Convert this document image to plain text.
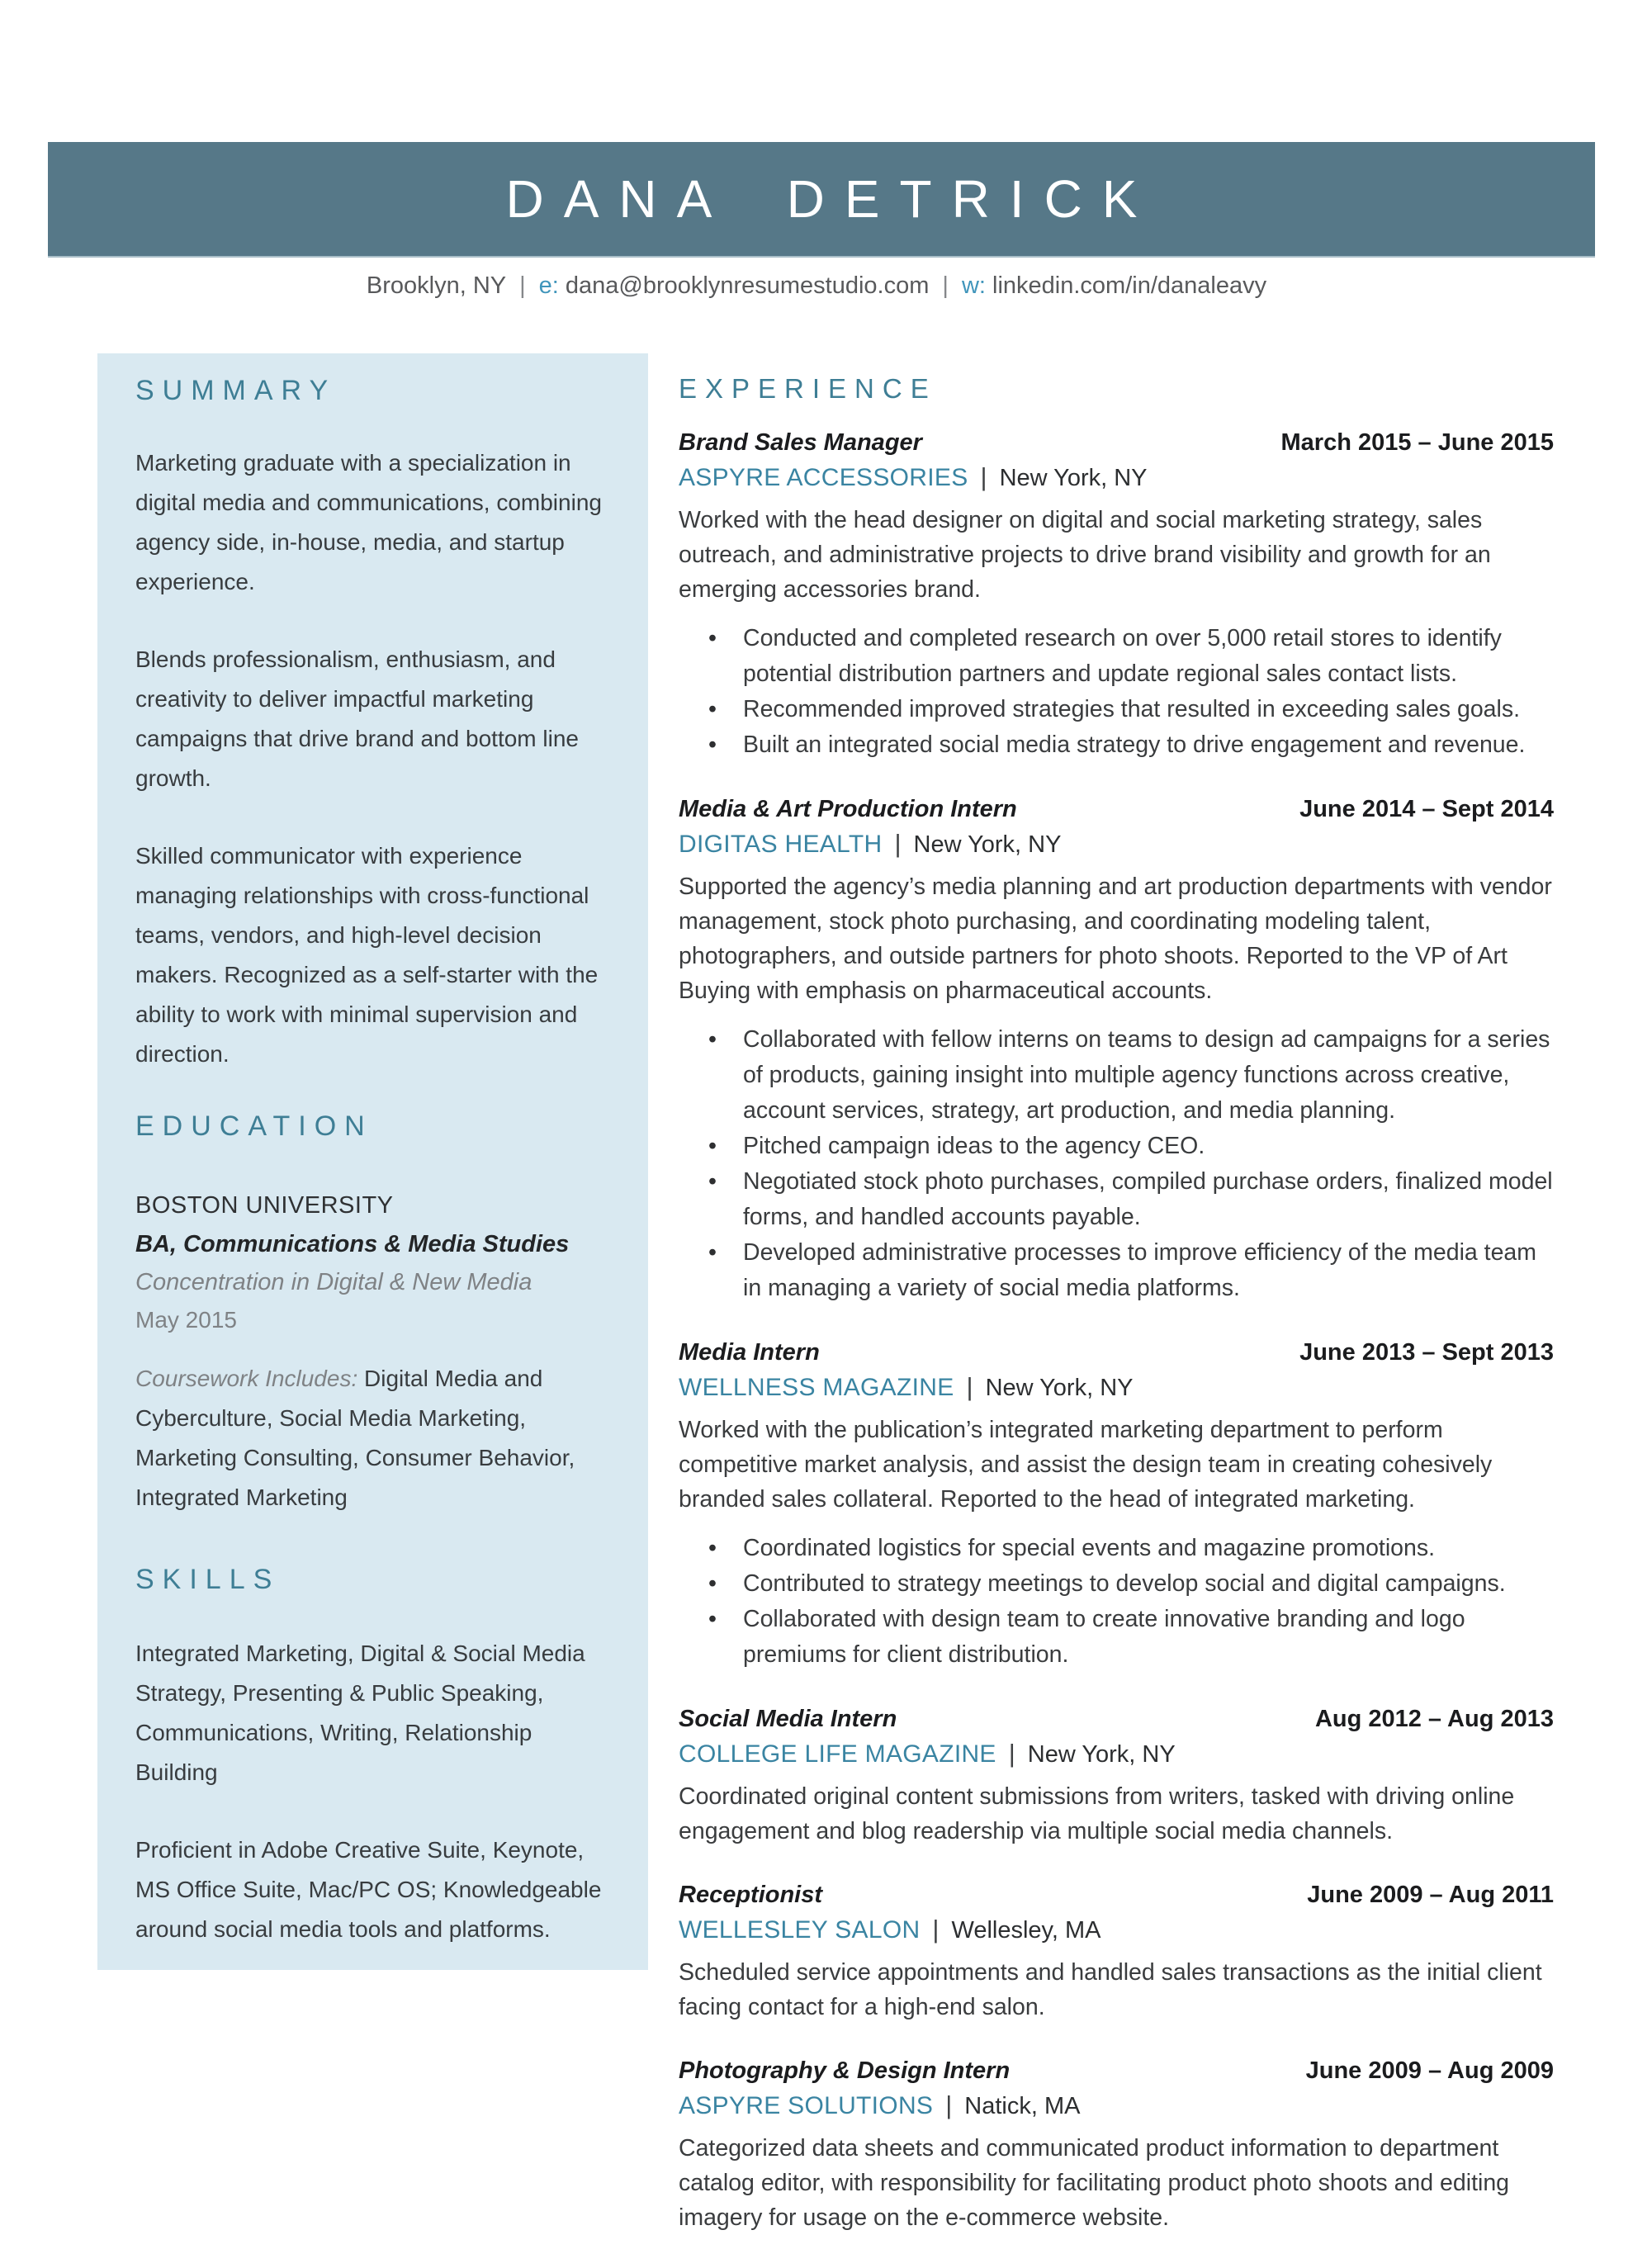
DANA DETRICK
Brooklyn, NY | e: dana@brooklynresumestudio.com | w: linkedin.com/in/danaleavy
SUMMARY

Marketing graduate with a specialization in digital media and communications, combining agency side, in-house, media, and startup experience.

Blends professionalism, enthusiasm, and creativity to deliver impactful marketing campaigns that drive brand and bottom line growth.

Skilled communicator with experience managing relationships with cross-functional teams, vendors, and high-level decision makers. Recognized as a self-starter with the ability to work with minimal supervision and direction.

EDUCATION
BOSTON UNIVERSITY
BA, Communications & Media Studies
Concentration in Digital & New Media
May 2015

Coursework Includes: Digital Media and Cyberculture, Social Media Marketing, Marketing Consulting, Consumer Behavior, Integrated Marketing

SKILLS

Integrated Marketing, Digital & Social Media Strategy, Presenting & Public Speaking, Communications, Writing, Relationship Building

Proficient in Adobe Creative Suite, Keynote, MS Office Suite, Mac/PC OS; Knowledgeable around social media tools and platforms.

EXPERIENCE
Brand Sales Manager	March 2015 – June 2015
ASPYRE ACCESSORIES | New York, NY

Worked with the head designer on digital and social marketing strategy, sales outreach, and administrative projects to drive brand visibility and growth for an emerging accessories brand.

• Conducted and completed research on over 5,000 retail stores to identify potential distribution partners and update regional sales contact lists.
• Recommended improved strategies that resulted in exceeding sales goals.
• Built an integrated social media strategy to drive engagement and revenue.
Media & Art Production Intern	June 2014 – Sept 2014
DIGITAS HEALTH | New York, NY

Supported the agency’s media planning and art production departments with vendor management, stock photo purchasing, and coordinating modeling talent, photographers, and outside partners for photo shoots. Reported to the VP of Art Buying with emphasis on pharmaceutical accounts.

• Collaborated with fellow interns on teams to design ad campaigns for a series of products, gaining insight into multiple agency functions across creative, account services, strategy, art production, and media planning.
• Pitched campaign ideas to the agency CEO.
• Negotiated stock photo purchases, compiled purchase orders, finalized model forms, and handled accounts payable.
• Developed administrative processes to improve efficiency of the media team in managing a variety of social media platforms.
Media Intern	June 2013 – Sept 2013
WELLNESS MAGAZINE | New York, NY

Worked with the publication’s integrated marketing department to perform competitive market analysis, and assist the design team in creating cohesively branded sales collateral. Reported to the head of integrated marketing.

• Coordinated logistics for special events and magazine promotions.
• Contributed to strategy meetings to develop social and digital campaigns.
• Collaborated with design team to create innovative branding and logo premiums for client distribution.
Social Media Intern	Aug 2012 – Aug 2013
COLLEGE LIFE MAGAZINE | New York, NY

Coordinated original content submissions from writers, tasked with driving online engagement and blog readership via multiple social media channels.

Receptionist	June 2009 – Aug 2011
WELLESLEY SALON | Wellesley, MA

Scheduled service appointments and handled sales transactions as the initial client facing contact for a high-end salon.

Photography & Design Intern	June 2009 – Aug 2009
ASPYRE SOLUTIONS | Natick, MA

Categorized data sheets and communicated product information to department catalog editor, with responsibility for facilitating product photo shoots and editing imagery for usage on the e-commerce website.
